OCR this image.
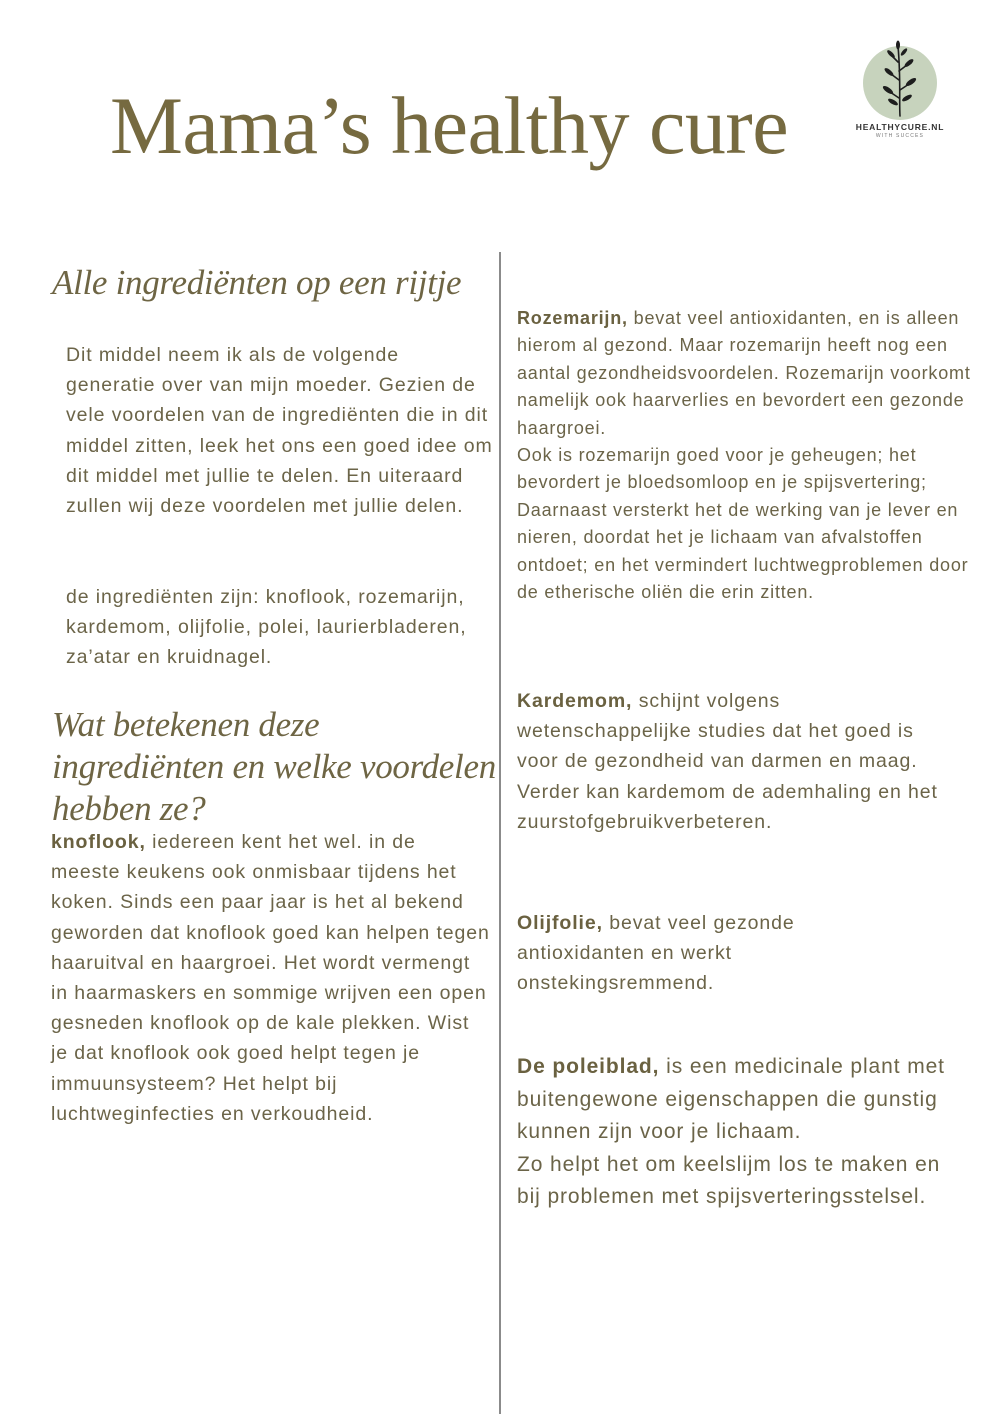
Mama’s healthy cure	HEALTHYCURE.NL
WITH SUCCES
Alle ingrediënten op een rijtje

Dit middel neem ik als de volgende generatie over van mijn moeder. Gezien de vele voordelen van de ingrediënten die in dit middel zitten, leek het ons een goed idee om dit middel met jullie te delen. En uiteraard zullen wij deze voordelen met jullie delen.

de ingrediënten zijn: knoflook, rozemarijn, kardemom, olijfolie, polei, laurierbladeren, za’atar en kruidnagel.

Wat betekenen deze ingrediënten en welke voordelen hebben ze?

knoflook, iedereen kent het wel. in de meeste keukens ook onmisbaar tijdens het koken. Sinds een paar jaar is het al bekend geworden dat knoflook goed kan helpen tegen haaruitval en haargroei. Het wordt vermengt in haarmaskers en sommige wrijven een open gesneden knoflook op de kale plekken. Wist je dat knoflook ook goed helpt tegen je immuunsysteem? Het helpt bij luchtweginfecties en verkoudheid.

Rozemarijn, bevat veel antioxidanten, en is alleen hierom al gezond. Maar rozemarijn heeft nog een aantal gezondheidsvoordelen. Rozemarijn voorkomt namelijk ook haarverlies en bevordert een gezonde haargroei.
Ook is rozemarijn goed voor je geheugen; het bevordert je bloedsomloop en je spijsvertering; Daarnaast versterkt het de werking van je lever en nieren, doordat het je lichaam van afvalstoffen ontdoet; en het vermindert luchtwegproblemen door de etherische oliën die erin zitten.

Kardemom, schijnt volgens wetenschappelijke studies dat het goed is voor de gezondheid van darmen en maag. Verder kan kardemom de ademhaling en het zuurstofgebruikverbeteren.

Olijfolie, bevat veel gezonde antioxidanten en werkt onstekingsremmend.

De poleiblad, is een medicinale plant met buitengewone eigenschappen die gunstig kunnen zijn voor je lichaam.
Zo helpt het om keelslijm los te maken en bij problemen met spijsverteringsstelsel.
